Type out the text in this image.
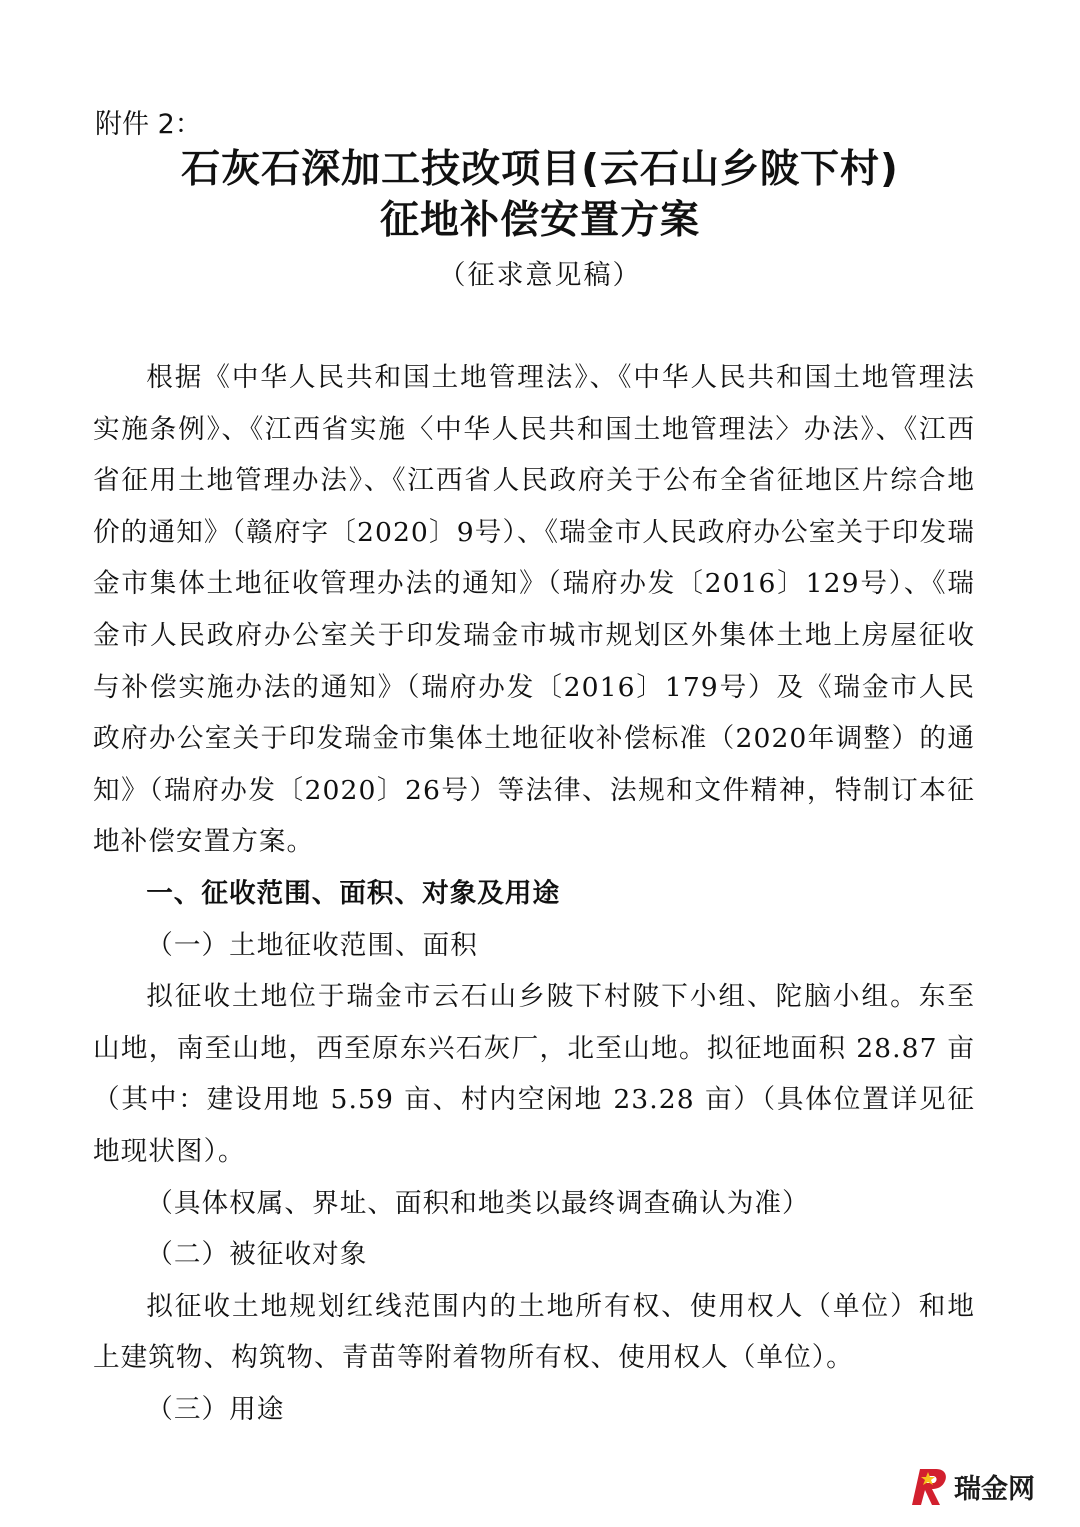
附件 2：
石灰石深加工技改项目(云石山乡陂下村)
征地补偿安置方案
（征求意见稿）

根据《中华人民共和国土地管理法》、《中华人民共和国土地管理法实施条例》、《江西省实施〈中华人民共和国土地管理法〉办法》、《江西省征用土地管理办法》、《江西省人民政府关于公布全省征地区片综合地价的通知》（赣府字〔2020〕9号）、《瑞金市人民政府办公室关于印发瑞金市集体土地征收管理办法的通知》（瑞府办发〔2016〕129号）、《瑞金市人民政府办公室关于印发瑞金市城市规划区外集体土地上房屋征收与补偿实施办法的通知》（瑞府办发〔2016〕179号）及《瑞金市人民政府办公室关于印发瑞金市集体土地征收补偿标准（2020年调整）的通知》（瑞府办发〔2020〕26号）等法律、法规和文件精神，特制订本征地补偿安置方案。

一、征收范围、面积、对象及用途

（一）土地征收范围、面积

拟征收土地位于瑞金市云石山乡陂下村陂下小组、陀脑小组。东至山地，南至山地，西至原东兴石灰厂，北至山地。拟征地面积 28.87 亩（其中：建设用地 5.59 亩、村内空闲地 23.28 亩）（具体位置详见征地现状图）。

（具体权属、界址、面积和地类以最终调查确认为准）

（二）被征收对象

拟征收土地规划红线范围内的土地所有权、使用权人（单位）和地上建筑物、构筑物、青苗等附着物所有权、使用权人（单位）。

（三）用途

瑞金网
